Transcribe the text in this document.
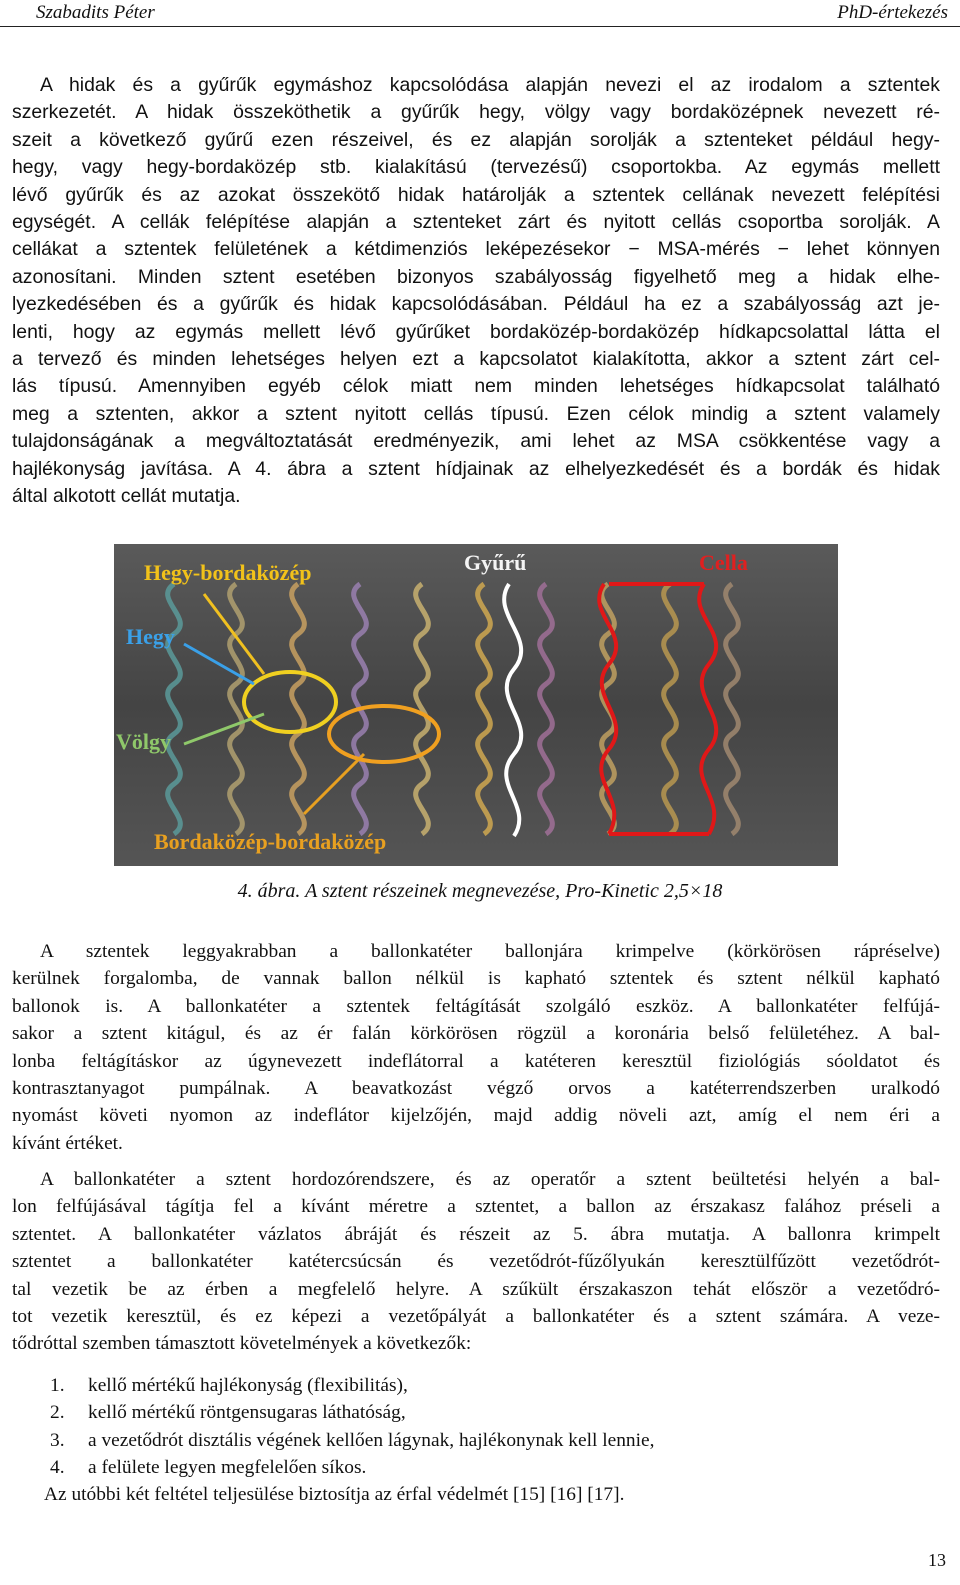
Szabadits Péter	PhD-értekezés
A hidak és a gyűrűk egymáshoz kapcsolódása alapján nevezi el az irodalom a sztentek
szerkezetét. A hidak összeköthetik a gyűrűk hegy, völgy vagy bordaközépnek nevezett ré-
szeit a következő gyűrű ezen részeivel, és ez alapján sorolják a sztenteket például hegy-
hegy, vagy hegy-bordaközép stb. kialakítású (tervezésű) csoportokba. Az egymás mellett
lévő gyűrűk és az azokat összekötő hidak határolják a sztentek cellának nevezett felépítési
egységét. A cellák felépítése alapján a sztenteket zárt és nyitott cellás csoportba sorolják. A
cellákat a sztentek felületének a kétdimenziós leképezésekor − MSA-mérés − lehet könnyen
azonosítani. Minden sztent esetében bizonyos szabályosság figyelhető meg a hidak elhe-
lyezkedésében és a gyűrűk és hidak kapcsolódásában. Például ha ez a szabályosság azt je-
lenti, hogy az egymás mellett lévő gyűrűket bordaközép-bordaközép hídkapcsolattal látta el
a tervező és minden lehetséges helyen ezt a kapcsolatot kialakította, akkor a sztent zárt cel-
lás típusú. Amennyiben egyéb célok miatt nem minden lehetséges hídkapcsolat található
meg a sztenten, akkor a sztent nyitott cellás típusú. Ezen célok mindig a sztent valamely
tulajdonságának a megváltoztatását eredményezik, ami lehet az MSA csökkentése vagy a
hajlékonyság javítása. A 4. ábra a sztent hídjainak az elhelyezkedését és a bordák és hidak
által alkotott cellát mutatja.
Hegy-bordaközép
Hegy
Völgy
Bordaközép-bordaközép
Gyűrű	Cella
4. ábra. A sztent részeinek megnevezése, Pro-Kinetic 2,5×18
A sztentek leggyakrabban a ballonkatéter ballonjára krimpelve (körkörösen rápréselve)
kerülnek forgalomba, de vannak ballon nélkül is kapható sztentek és sztent nélkül kapható
ballonok is. A ballonkatéter a sztentek feltágítását szolgáló eszköz. A ballonkatéter felfújá-
sakor a sztent kitágul, és az ér falán körkörösen rögzül a koronária belső felületéhez. A bal-
lonba feltágításkor az úgynevezett indeflátorral a katéteren keresztül fiziológiás sóoldatot és
kontrasztanyagot pumpálnak. A beavatkozást végző orvos a katéterrendszerben uralkodó
nyomást követi nyomon az indeflátor kijelzőjén, majd addig növeli azt, amíg el nem éri a
kívánt értéket.
A ballonkatéter a sztent hordozórendszere, és az operatőr a sztent beültetési helyén a bal-
lon felfújásával tágítja fel a kívánt méretre a sztentet, a ballon az érszakasz falához préseli a
sztentet. A ballonkatéter vázlatos ábráját és részeit az 5. ábra mutatja. A ballonra krimpelt
sztentet a ballonkatéter katétercsúcsán és vezetődrót-fűzőlyukán keresztülfűzött vezetődrót-
tal vezetik be az érben a megfelelő helyre. A szűkült érszakaszon tehát először a vezetődró-
tot vezetik keresztül, és ez képezi a vezetőpályát a ballonkatéter és a sztent számára. A veze-
tődróttal szemben támasztott követelmények a következők:
1. kellő mértékű hajlékonyság (flexibilitás),
2. kellő mértékű röntgensugaras láthatóság,
3. a vezetődrót disztális végének kellően lágynak, hajlékonynak kell lennie,
4. a felülete legyen megfelelően síkos.
Az utóbbi két feltétel teljesülése biztosítja az érfal védelmét [15] [16] [17].
13
